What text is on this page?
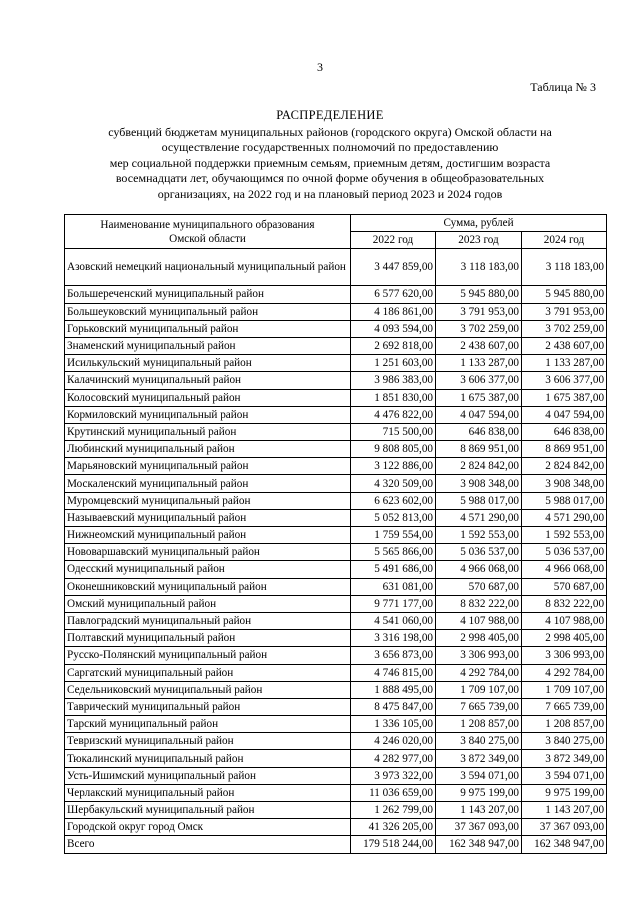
3
Таблица № 3
РАСПРЕДЕЛЕНИЕ
субвенций бюджетам муниципальных районов (городского округа) Омской области на
осуществление государственных полномочий по предоставлению
мер социальной поддержки приемным семьям, приемным детям, достигшим возраста
восемнадцати лет, обучающимся по очной форме обучения в общеобразовательных
организациях, на 2022 год и на плановый период 2023 и 2024 годов
Наименование муниципального образования
Омской области	Сумма, рублей		
	2022 год	2023 год	2024 год
Азовский немецкий национальный муниципальный район	3 447 859,00	3 118 183,00	3 118 183,00
Большереченский муниципальный район	6 577 620,00	5 945 880,00	5 945 880,00
Большеуковский муниципальный район	4 186 861,00	3 791 953,00	3 791 953,00
Горьковский муниципальный район	4 093 594,00	3 702 259,00	3 702 259,00
Знаменский муниципальный район	2 692 818,00	2 438 607,00	2 438 607,00
Исилькульский муниципальный район	1 251 603,00	1 133 287,00	1 133 287,00
Калачинский муниципальный район	3 986 383,00	3 606 377,00	3 606 377,00
Колосовский муниципальный район	1 851 830,00	1 675 387,00	1 675 387,00
Кормиловский муниципальный район	4 476 822,00	4 047 594,00	4 047 594,00
Крутинский муниципальный район	715 500,00	646 838,00	646 838,00
Любинский муниципальный район	9 808 805,00	8 869 951,00	8 869 951,00
Марьяновский муниципальный район	3 122 886,00	2 824 842,00	2 824 842,00
Москаленский муниципальный район	4 320 509,00	3 908 348,00	3 908 348,00
Муромцевский муниципальный район	6 623 602,00	5 988 017,00	5 988 017,00
Называевский муниципальный район	5 052 813,00	4 571 290,00	4 571 290,00
Нижнеомский муниципальный район	1 759 554,00	1 592 553,00	1 592 553,00
Нововаршавский муниципальный район	5 565 866,00	5 036 537,00	5 036 537,00
Одесский муниципальный район	5 491 686,00	4 966 068,00	4 966 068,00
Оконешниковский муниципальный район	631 081,00	570 687,00	570 687,00
Омский муниципальный район	9 771 177,00	8 832 222,00	8 832 222,00
Павлоградский муниципальный район	4 541 060,00	4 107 988,00	4 107 988,00
Полтавский муниципальный район	3 316 198,00	2 998 405,00	2 998 405,00
Русско-Полянский муниципальный район	3 656 873,00	3 306 993,00	3 306 993,00
Саргатский муниципальный район	4 746 815,00	4 292 784,00	4 292 784,00
Седельниковский муниципальный район	1 888 495,00	1 709 107,00	1 709 107,00
Таврический муниципальный район	8 475 847,00	7 665 739,00	7 665 739,00
Тарский муниципальный район	1 336 105,00	1 208 857,00	1 208 857,00
Тевризский муниципальный район	4 246 020,00	3 840 275,00	3 840 275,00
Тюкалинский муниципальный район	4 282 977,00	3 872 349,00	3 872 349,00
Усть-Ишимский муниципальный район	3 973 322,00	3 594 071,00	3 594 071,00
Черлакский муниципальный район	11 036 659,00	9 975 199,00	9 975 199,00
Шербакульский муниципальный район	1 262 799,00	1 143 207,00	1 143 207,00
Городской округ город Омск	41 326 205,00	37 367 093,00	37 367 093,00
Всего	179 518 244,00	162 348 947,00	162 348 947,00
